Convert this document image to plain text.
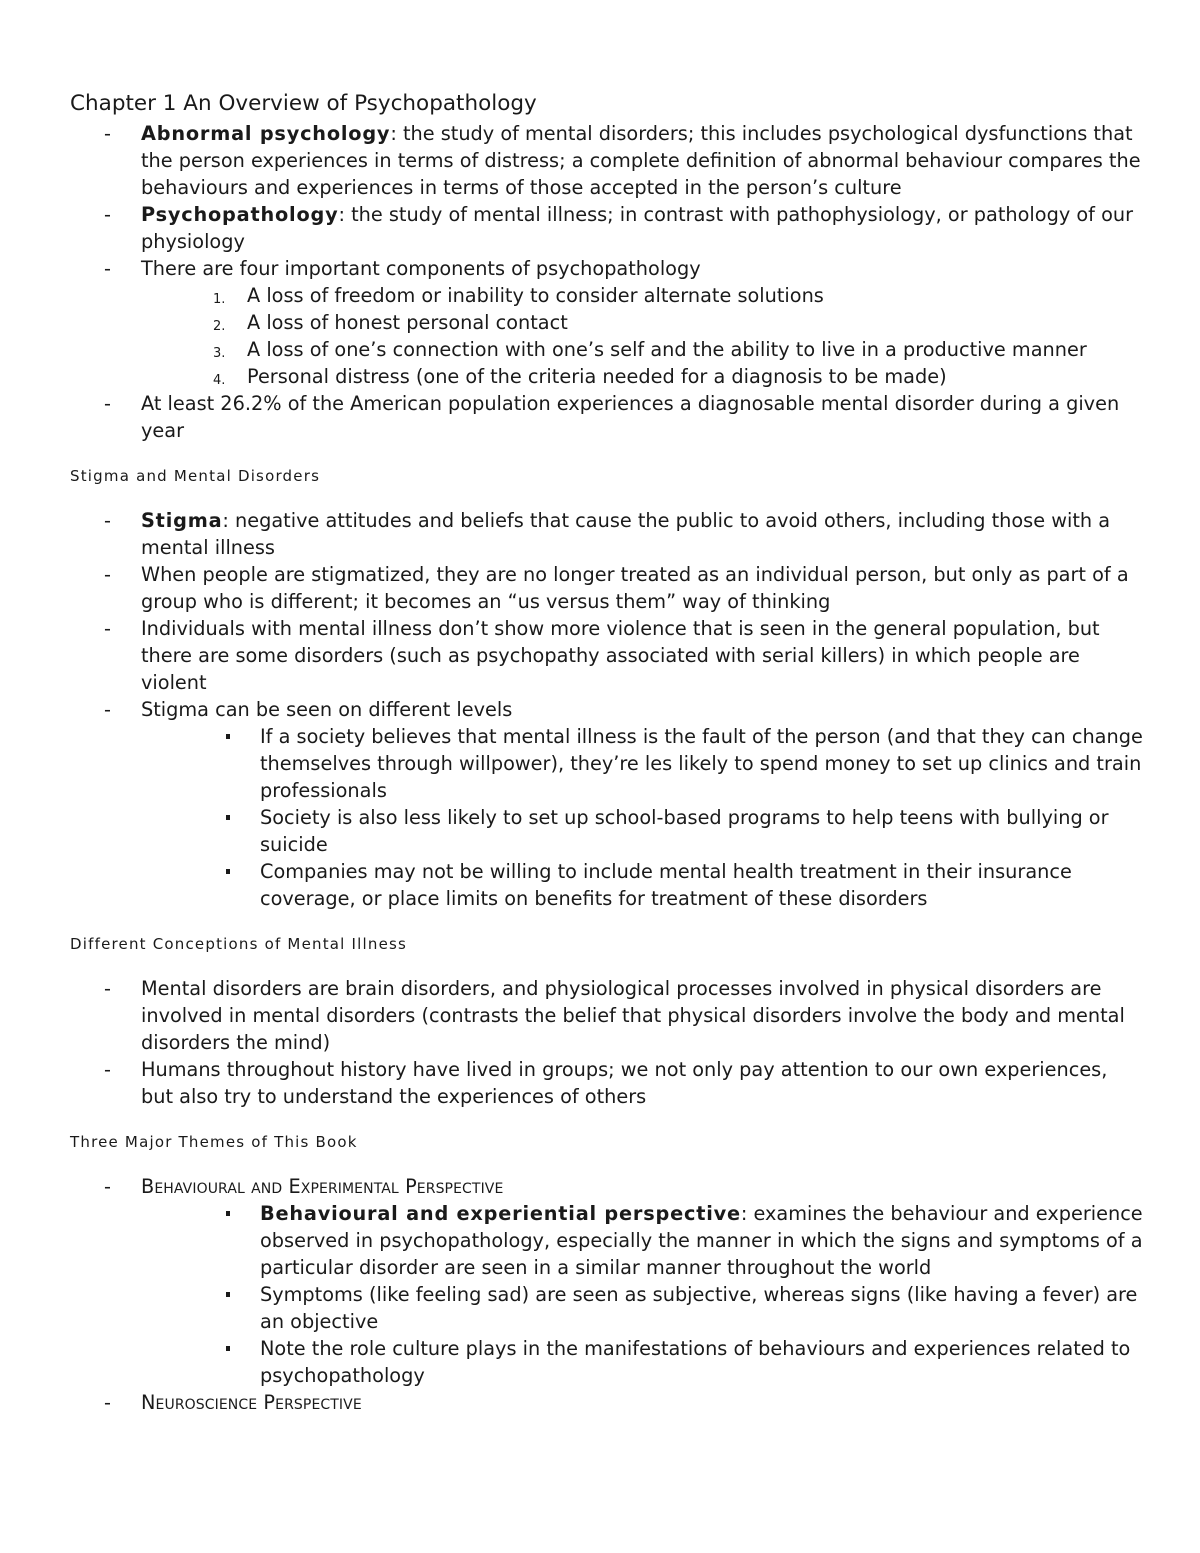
Chapter 1 An Overview of Psychopathology
- Abnormal psychology: the study of mental disorders; this includes psychological dysfunctions that the person experiences in terms of distress; a complete definition of abnormal behaviour compares the behaviours and experiences in terms of those accepted in the person’s culture
- Psychopathology: the study of mental illness; in contrast with pathophysiology, or pathology of our physiology
- There are four important components of psychopathology
1. A loss of freedom or inability to consider alternate solutions
2. A loss of honest personal contact
3. A loss of one’s connection with one’s self and the ability to live in a productive manner
4. Personal distress (one of the criteria needed for a diagnosis to be made)
- At least 26.2% of the American population experiences a diagnosable mental disorder during a given year
Stigma and Mental Disorders
- Stigma: negative attitudes and beliefs that cause the public to avoid others, including those with a mental illness
- When people are stigmatized, they are no longer treated as an individual person, but only as part of a group who is different; it becomes an “us versus them” way of thinking
- Individuals with mental illness don’t show more violence that is seen in the general population, but there are some disorders (such as psychopathy associated with serial killers) in which people are violent
- Stigma can be seen on different levels
If a society believes that mental illness is the fault of the person (and that they can change themselves through willpower), they’re les likely to spend money to set up clinics and train professionals
Society is also less likely to set up school-based programs to help teens with bullying or suicide
Companies may not be willing to include mental health treatment in their insurance coverage, or place limits on benefits for treatment of these disorders
Different Conceptions of Mental Illness
- Mental disorders are brain disorders, and physiological processes involved in physical disorders are involved in mental disorders (contrasts the belief that physical disorders involve the body and mental disorders the mind)
- Humans throughout history have lived in groups; we not only pay attention to our own experiences, but also try to understand the experiences of others
Three Major Themes of This Book
- Behavioural and Experimental Perspective
Behavioural and experiential perspective: examines the behaviour and experience observed in psychopathology, especially the manner in which the signs and symptoms of a particular disorder are seen in a similar manner throughout the world
Symptoms (like feeling sad) are seen as subjective, whereas signs (like having a fever) are an objective
Note the role culture plays in the manifestations of behaviours and experiences related to psychopathology
- Neuroscience Perspective
